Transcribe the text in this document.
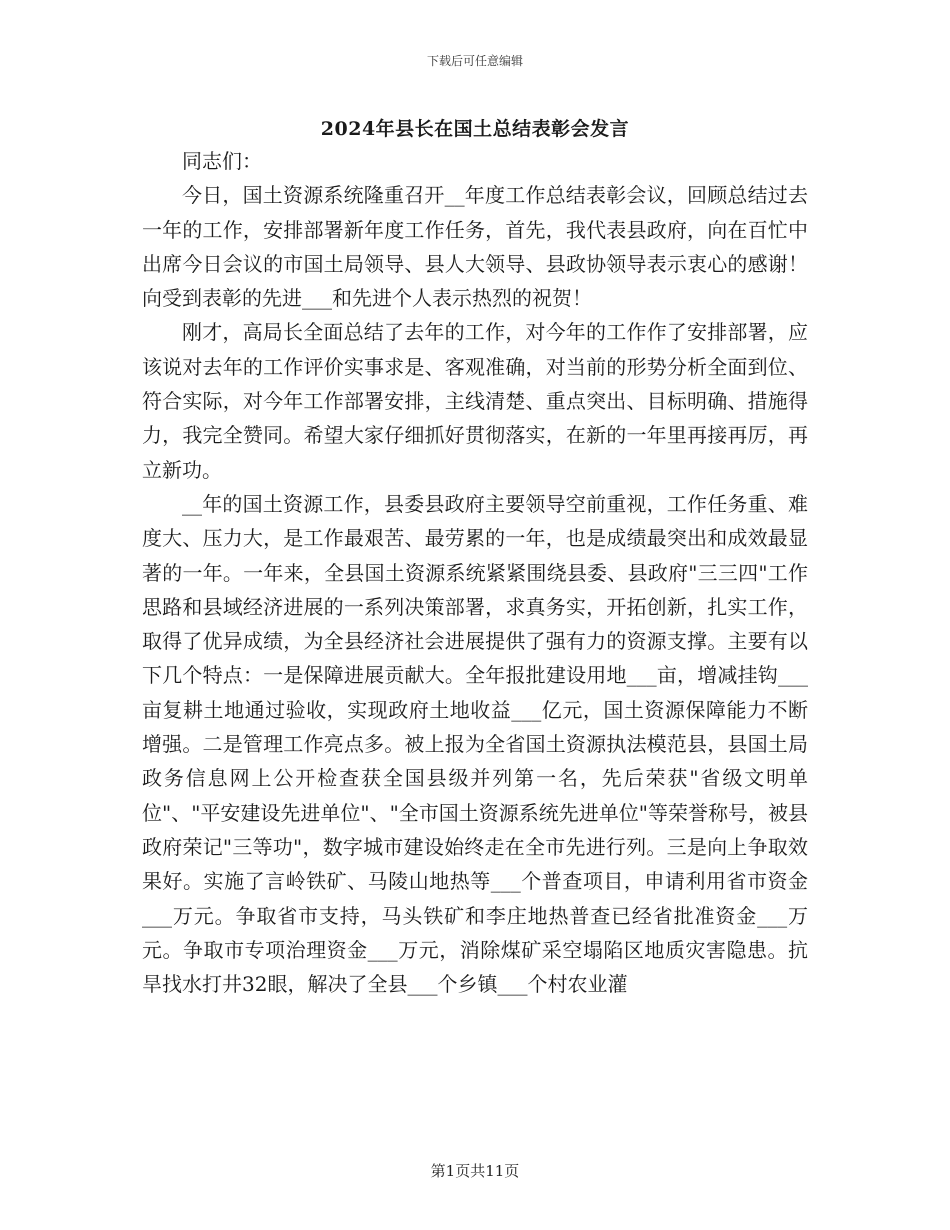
下载后可任意编辑
2024年县长在国土总结表彰会发言

同志们：

今日，国土资源系统隆重召开__年度工作总结表彰会议，回顾总结过去一年的工作，安排部署新年度工作任务，首先，我代表县政府，向在百忙中出席今日会议的市国土局领导、县人大领导、县政协领导表示衷心的感谢！向受到表彰的先进___和先进个人表示热烈的祝贺！

刚才，高局长全面总结了去年的工作，对今年的工作作了安排部署，应该说对去年的工作评价实事求是、客观准确，对当前的形势分析全面到位、符合实际，对今年工作部署安排，主线清楚、重点突出、目标明确、措施得力，我完全赞同。希望大家仔细抓好贯彻落实，在新的一年里再接再厉，再立新功。

__年的国土资源工作，县委县政府主要领导空前重视，工作任务重、难度大、压力大，是工作最艰苦、最劳累的一年，也是成绩最突出和成效最显著的一年。一年来，全县国土资源系统紧紧围绕县委、县政府"三三四"工作思路和县域经济进展的一系列决策部署，求真务实，开拓创新，扎实工作，取得了优异成绩，为全县经济社会进展提供了强有力的资源支撑。主要有以下几个特点：一是保障进展贡献大。全年报批建设用地___亩，增减挂钩___亩复耕土地通过验收，实现政府土地收益___亿元，国土资源保障能力不断增强。二是管理工作亮点多。被上报为全省国土资源执法模范县，县国土局政务信息网上公开检查获全国县级并列第一名，先后荣获"省级文明单位"、"平安建设先进单位"、"全市国土资源系统先进单位"等荣誉称号，被县政府荣记"三等功"，数字城市建设始终走在全市先进行列。三是向上争取效果好。实施了言岭铁矿、马陵山地热等___个普查项目，申请利用省市资金___万元。争取省市支持，马头铁矿和李庄地热普查已经省批准资金___万元。争取市专项治理资金___万元，消除煤矿采空塌陷区地质灾害隐患。抗旱找水打井32眼，解决了全县___个乡镇___个村农业灌

第1页共11页
